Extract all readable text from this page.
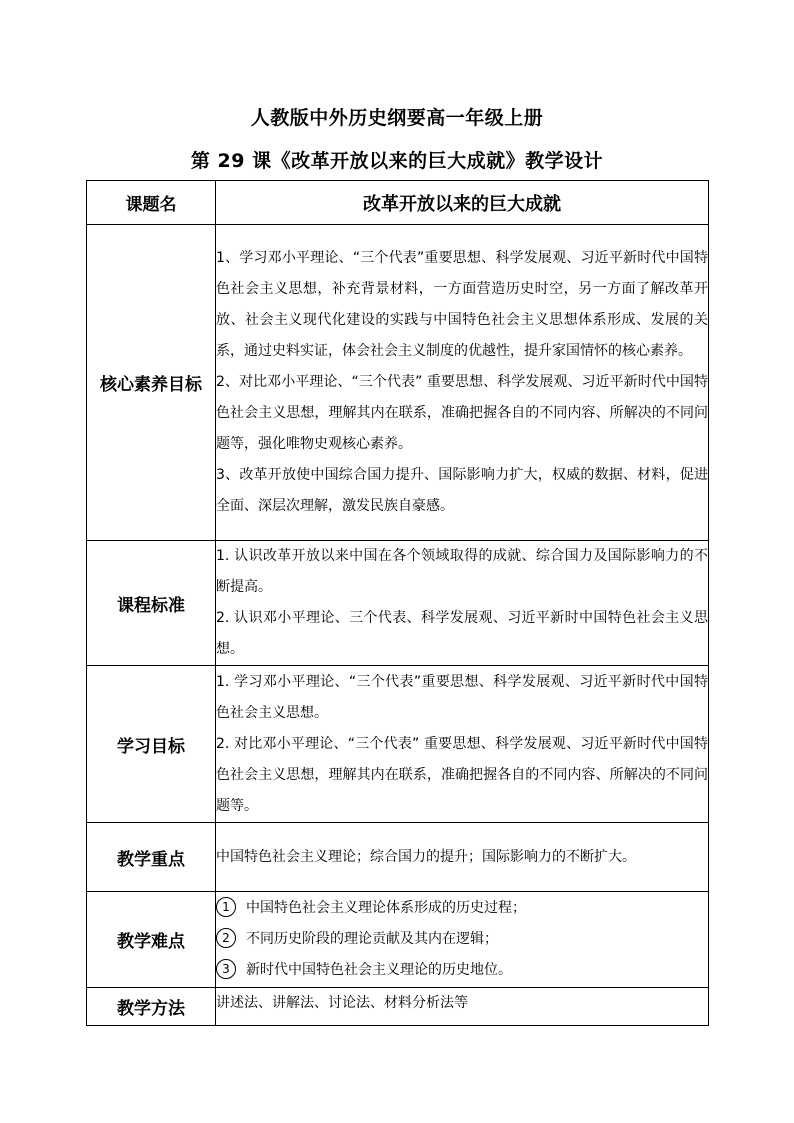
人教版中外历史纲要高一年级上册
第 29 课《改革开放以来的巨大成就》教学设计
课题名	改革开放以来的巨大成就
核心素养目标	1、学习邓小平理论、“三个代表”重要思想、科学发展观、习近平新时代中国特色社会主义思想，补充背景材料，一方面营造历史时空，另一方面了解改革开放、社会主义现代化建设的实践与中国特色社会主义思想体系形成、发展的关系，通过史料实证，体会社会主义制度的优越性，提升家国情怀的核心素养。
2、对比邓小平理论、“三个代表” 重要思想、科学发展观、习近平新时代中国特色社会主义思想，理解其内在联系，准确把握各自的不同内容、所解决的不同问题等，强化唯物史观核心素养。
3、改革开放使中国综合国力提升、国际影响力扩大，权威的数据、材料，促进全面、深层次理解，激发民族自豪感。

课程标准	1. 认识改革开放以来中国在各个领域取得的成就、综合国力及国际影响力的不断提高。
2. 认识邓小平理论、三个代表、科学发展观、习近平新时中国特色社会主义思想。

学习目标	1. 学习邓小平理论、“三个代表”重要思想、科学发展观、习近平新时代中国特色社会主义思想。
2. 对比邓小平理论、“三个代表” 重要思想、科学发展观、习近平新时代中国特色社会主义思想，理解其内在联系，准确把握各自的不同内容、所解决的不同问题等。

教学重点	中国特色社会主义理论；综合国力的提升；国际影响力的不断扩大。
教学难点	1 中国特色社会主义理论体系形成的历史过程；
2 不同历史阶段的理论贡献及其内在逻辑；
3 新时代中国特色社会主义理论的历史地位。

教学方法	讲述法、讲解法、讨论法、材料分析法等
